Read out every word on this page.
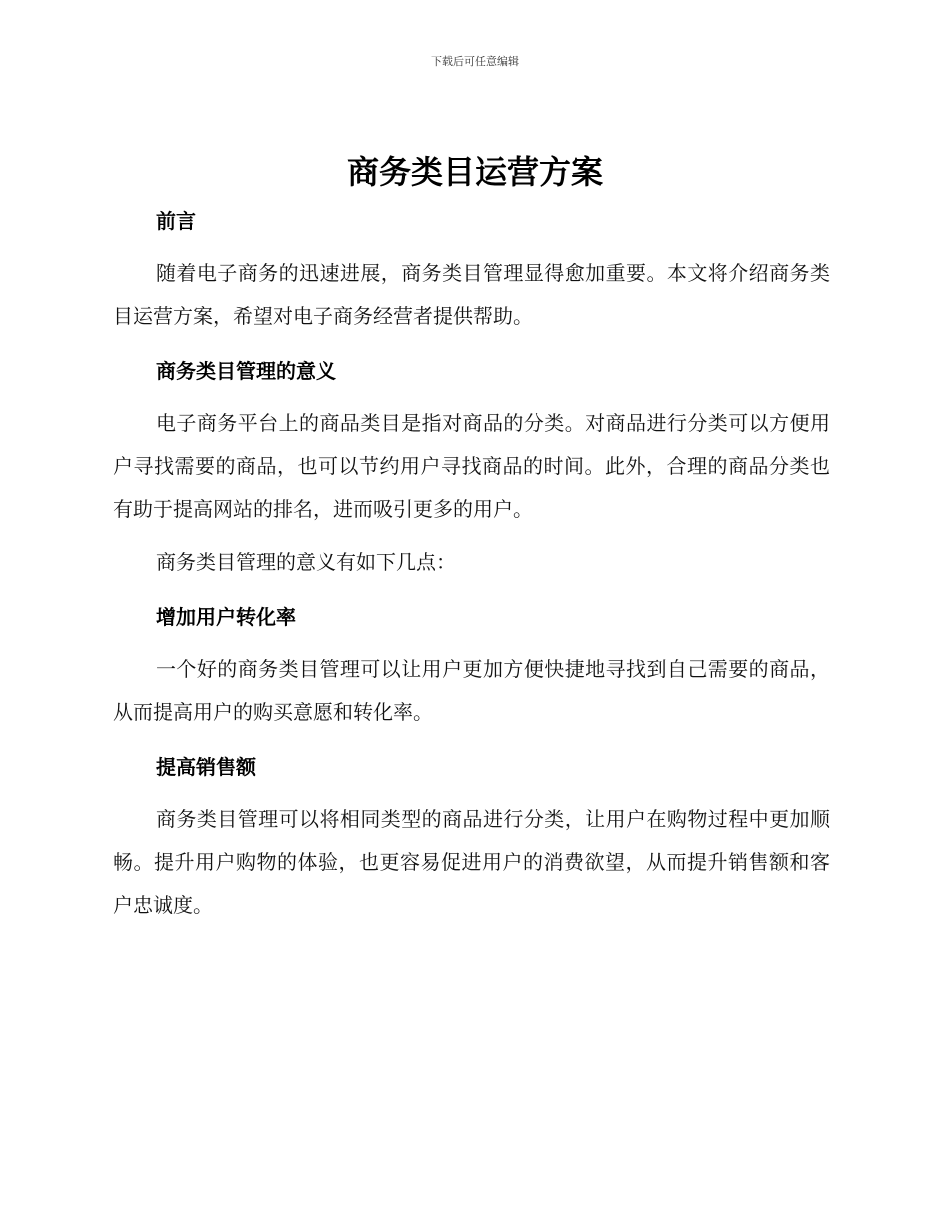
下载后可任意编辑
商务类目运营方案
前言

随着电子商务的迅速进展，商务类目管理显得愈加重要。本文将介绍商务类目运营方案，希望对电子商务经营者提供帮助。

商务类目管理的意义

电子商务平台上的商品类目是指对商品的分类。对商品进行分类可以方便用户寻找需要的商品，也可以节约用户寻找商品的时间。此外，合理的商品分类也有助于提高网站的排名，进而吸引更多的用户。

商务类目管理的意义有如下几点：

增加用户转化率

一个好的商务类目管理可以让用户更加方便快捷地寻找到自己需要的商品，从而提高用户的购买意愿和转化率。

提高销售额

商务类目管理可以将相同类型的商品进行分类，让用户在购物过程中更加顺畅。提升用户购物的体验，也更容易促进用户的消费欲望，从而提升销售额和客户忠诚度。
